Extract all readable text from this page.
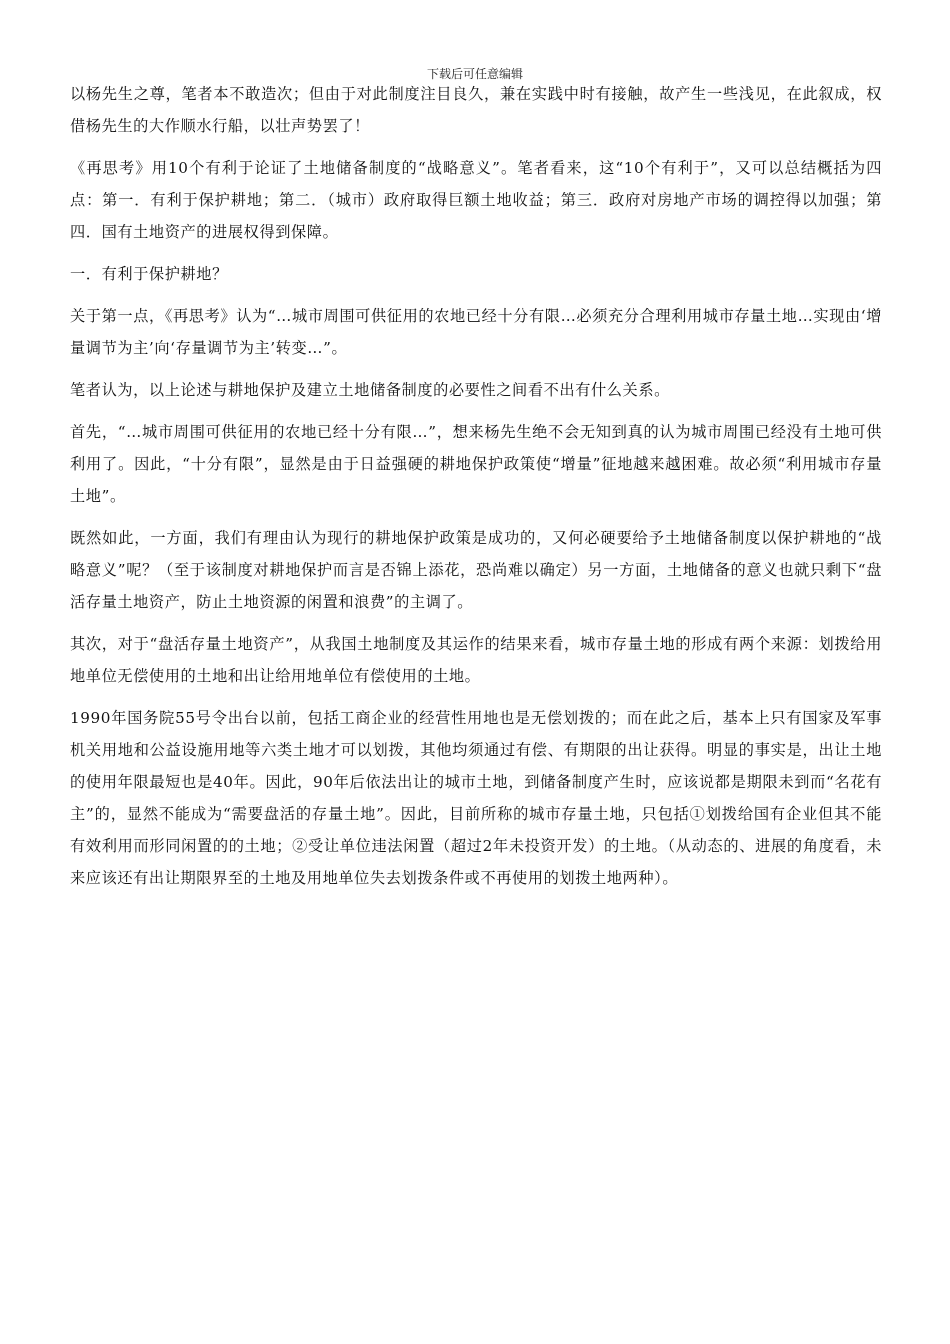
下载后可任意编辑

以杨先生之尊，笔者本不敢造次；但由于对此制度注目良久，兼在实践中时有接触，故产生一些浅见，在此叙成，权借杨先生的大作顺水行船，以壮声势罢了！

《再思考》用10个有利于论证了土地储备制度的“战略意义”。笔者看来，这“10个有利于”，又可以总结概括为四点：第一．有利于保护耕地；第二．（城市）政府取得巨额土地收益；第三．政府对房地产市场的调控得以加强；第四．国有土地资产的进展权得到保障。

一．有利于保护耕地？

关于第一点，《再思考》认为“…城市周围可供征用的农地已经十分有限…必须充分合理利用城市存量土地…实现由‘增量调节为主’向‘存量调节为主’转变…”。

笔者认为，以上论述与耕地保护及建立土地储备制度的必要性之间看不出有什么关系。

首先，“…城市周围可供征用的农地已经十分有限…”，想来杨先生绝不会无知到真的认为城市周围已经没有土地可供利用了。因此，“十分有限”，显然是由于日益强硬的耕地保护政策使“增量”征地越来越困难。故必须“利用城市存量土地”。

既然如此，一方面，我们有理由认为现行的耕地保护政策是成功的，又何必硬要给予土地储备制度以保护耕地的“战略意义”呢？（至于该制度对耕地保护而言是否锦上添花，恐尚难以确定）另一方面，土地储备的意义也就只剩下“盘活存量土地资产，防止土地资源的闲置和浪费”的主调了。

其次，对于“盘活存量土地资产”，从我国土地制度及其运作的结果来看，城市存量土地的形成有两个来源：划拨给用地单位无偿使用的土地和出让给用地单位有偿使用的土地。

1990年国务院55号令出台以前，包括工商企业的经营性用地也是无偿划拨的；而在此之后，基本上只有国家及军事机关用地和公益设施用地等六类土地才可以划拨，其他均须通过有偿、有期限的出让获得。明显的事实是，出让土地的使用年限最短也是40年。因此，90年后依法出让的城市土地，到储备制度产生时，应该说都是期限未到而“名花有主”的，显然不能成为“需要盘活的存量土地”。因此，目前所称的城市存量土地，只包括①划拨给国有企业但其不能有效利用而形同闲置的的土地；②受让单位违法闲置（超过2年未投资开发）的土地。（从动态的、进展的角度看，未来应该还有出让期限界至的土地及用地单位失去划拨条件或不再使用的划拨土地两种）。
